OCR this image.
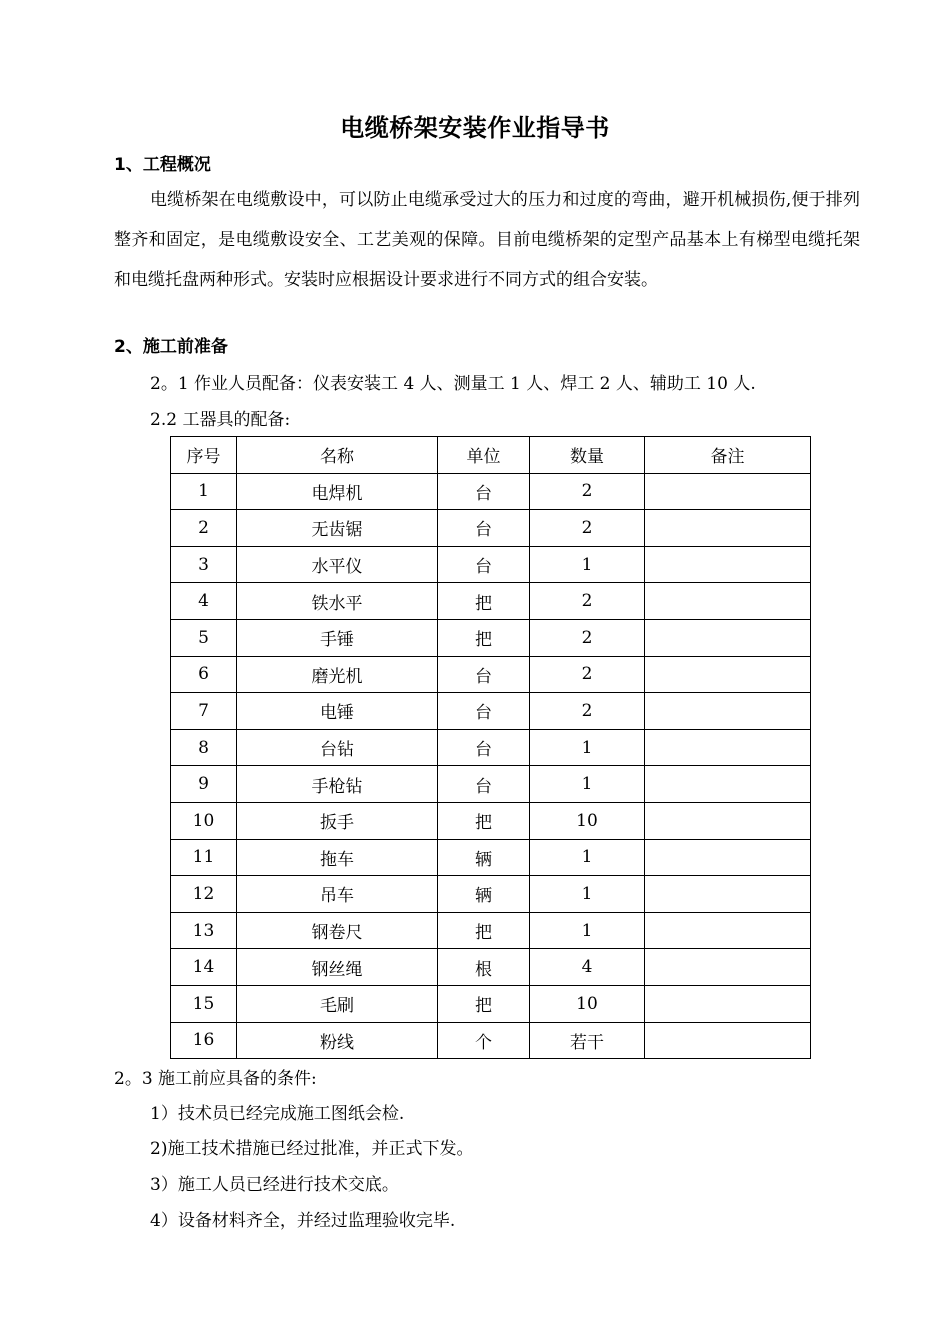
电缆桥架安装作业指导书
1、工程概况
电缆桥架在电缆敷设中，可以防止电缆承受过大的压力和过度的弯曲，避开机械损伤,便于排列整齐和固定，是电缆敷设安全、工艺美观的保障。目前电缆桥架的定型产品基本上有梯型电缆托架和电缆托盘两种形式。安装时应根据设计要求进行不同方式的组合安装。
2、施工前准备
2。1 作业人员配备：仪表安装工 4 人、测量工 1 人、焊工 2 人、辅助工 10 人.
2.2 工器具的配备:
序号	名称	单位	数量	备注
1	电焊机	台	2	
2	无齿锯	台	2	
3	水平仪	台	1	
4	铁水平	把	2	
5	手锤	把	2	
6	磨光机	台	2	
7	电锤	台	2	
8	台钻	台	1	
9	手枪钻	台	1	
10	扳手	把	10	
11	拖车	辆	1	
12	吊车	辆	1	
13	钢卷尺	把	1	
14	钢丝绳	根	4	
15	毛刷	把	10	
16	粉线	个	若干	
2。3 施工前应具备的条件:
1）技术员已经完成施工图纸会检.
2)施工技术措施已经过批准，并正式下发。
3）施工人员已经进行技术交底。
4）设备材料齐全，并经过监理验收完毕.
